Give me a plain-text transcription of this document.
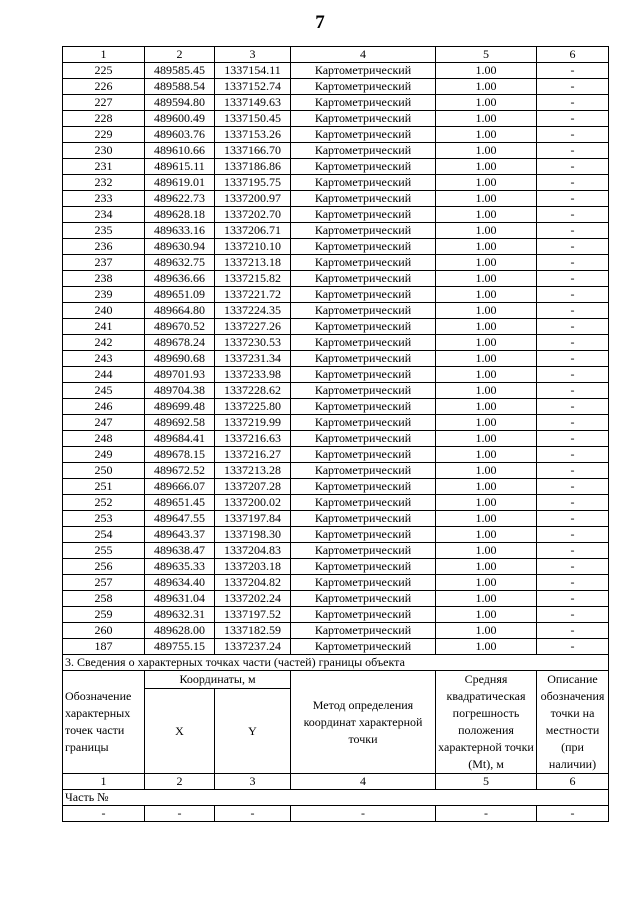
7
1	2	3	4	5	6
225	489585.45	1337154.11	Картометрический	1.00	-
226	489588.54	1337152.74	Картометрический	1.00	-
227	489594.80	1337149.63	Картометрический	1.00	-
228	489600.49	1337150.45	Картометрический	1.00	-
229	489603.76	1337153.26	Картометрический	1.00	-
230	489610.66	1337166.70	Картометрический	1.00	-
231	489615.11	1337186.86	Картометрический	1.00	-
232	489619.01	1337195.75	Картометрический	1.00	-
233	489622.73	1337200.97	Картометрический	1.00	-
234	489628.18	1337202.70	Картометрический	1.00	-
235	489633.16	1337206.71	Картометрический	1.00	-
236	489630.94	1337210.10	Картометрический	1.00	-
237	489632.75	1337213.18	Картометрический	1.00	-
238	489636.66	1337215.82	Картометрический	1.00	-
239	489651.09	1337221.72	Картометрический	1.00	-
240	489664.80	1337224.35	Картометрический	1.00	-
241	489670.52	1337227.26	Картометрический	1.00	-
242	489678.24	1337230.53	Картометрический	1.00	-
243	489690.68	1337231.34	Картометрический	1.00	-
244	489701.93	1337233.98	Картометрический	1.00	-
245	489704.38	1337228.62	Картометрический	1.00	-
246	489699.48	1337225.80	Картометрический	1.00	-
247	489692.58	1337219.99	Картометрический	1.00	-
248	489684.41	1337216.63	Картометрический	1.00	-
249	489678.15	1337216.27	Картометрический	1.00	-
250	489672.52	1337213.28	Картометрический	1.00	-
251	489666.07	1337207.28	Картометрический	1.00	-
252	489651.45	1337200.02	Картометрический	1.00	-
253	489647.55	1337197.84	Картометрический	1.00	-
254	489643.37	1337198.30	Картометрический	1.00	-
255	489638.47	1337204.83	Картометрический	1.00	-
256	489635.33	1337203.18	Картометрический	1.00	-
257	489634.40	1337204.82	Картометрический	1.00	-
258	489631.04	1337202.24	Картометрический	1.00	-
259	489632.31	1337197.52	Картометрический	1.00	-
260	489628.00	1337182.59	Картометрический	1.00	-
187	489755.15	1337237.24	Картометрический	1.00	-
3. Сведения о характерных точках части (частей) границы объекта					
Обозначение характерных точек части границы	Координаты, м		Метод определения координат характерной точки	Средняя квадратическая погрешность положения характерной точки (Mt), м	Описание обозначения точки на местности (при наличии)
	X	Y			
1	2	3	4	5	6
Часть №					
-	-	-	-	-	-
